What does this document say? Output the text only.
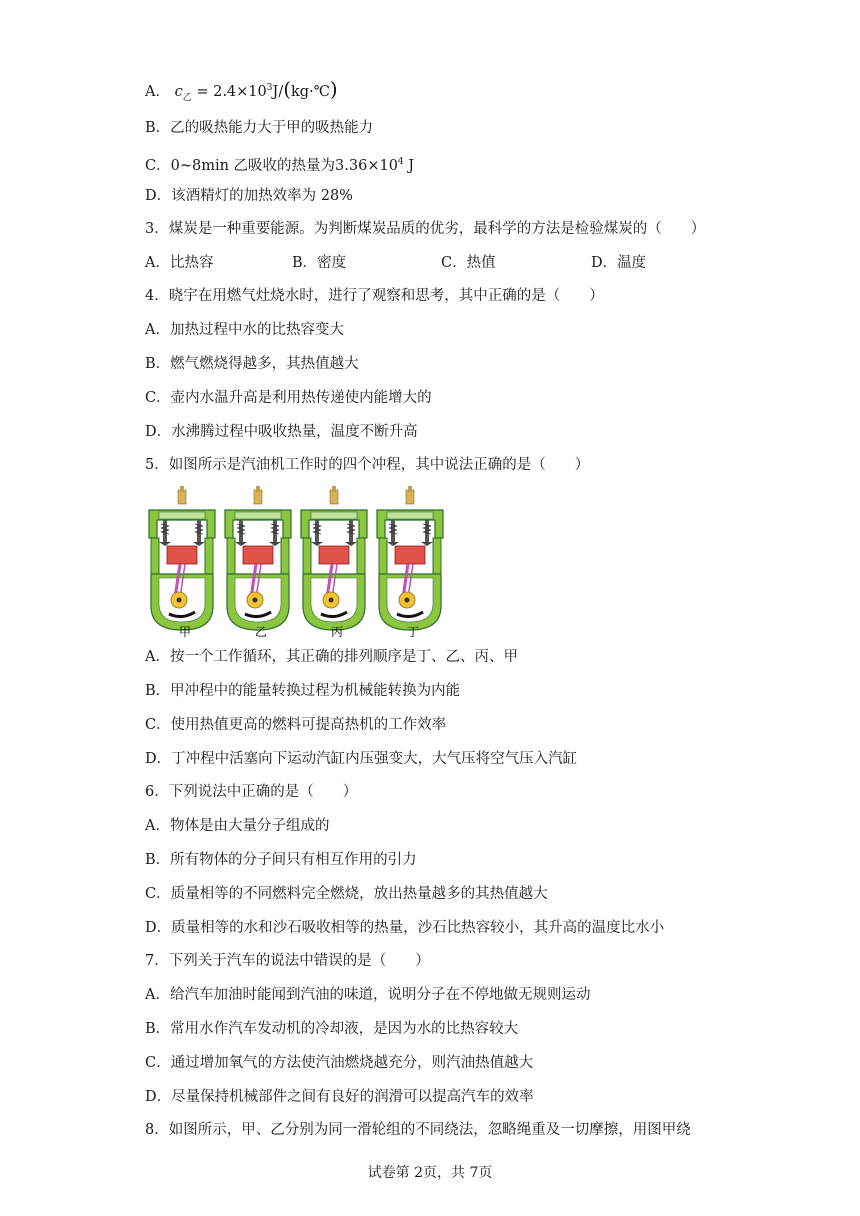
A． $c_乙$ = $2.4\times 10^3J/(kg\cdot℃)$
B．乙的吸热能力大于甲的吸热能力
C．0~8min 乙吸收的热量为$3.36\times 10^4$ J
D．该酒精灯的加热效率为 28%
3．煤炭是一种重要能源。为判断煤炭品质的优劣，最科学的方法是检验煤炭的（　　）
A．比热容	B．密度	C．热值	D．温度
4．晓宇在用燃气灶烧水时，进行了观察和思考，其中正确的是（　　）
A．加热过程中水的比热容变大
B．燃气燃烧得越多，其热值越大
C．壶内水温升高是利用热传递使内能增大的
D．水沸腾过程中吸收热量，温度不断升高
5．如图所示是汽油机工作时的四个冲程，其中说法正确的是（　　）
甲	乙	丙	丁
A．按一个工作循环，其正确的排列顺序是丁、乙、丙、甲
B．甲冲程中的能量转换过程为机械能转换为内能
C．使用热值更高的燃料可提高热机的工作效率
D．丁冲程中活塞向下运动汽缸内压强变大，大气压将空气压入汽缸
6．下列说法中正确的是（　　）
A．物体是由大量分子组成的
B．所有物体的分子间只有相互作用的引力
C．质量相等的不同燃料完全燃烧，放出热量越多的其热值越大
D．质量相等的水和沙石吸收相等的热量，沙石比热容较小，其升高的温度比水小
7．下列关于汽车的说法中错误的是（　　）
A．给汽车加油时能闻到汽油的味道，说明分子在不停地做无规则运动
B．常用水作汽车发动机的冷却液，是因为水的比热容较大
C．通过增加氧气的方法使汽油燃烧越充分，则汽油热值越大
D．尽量保持机械部件之间有良好的润滑可以提高汽车的效率
8．如图所示，甲、乙分别为同一滑轮组的不同绕法，忽略绳重及一切摩擦，用图甲绕
试卷第 2页，共 7页
